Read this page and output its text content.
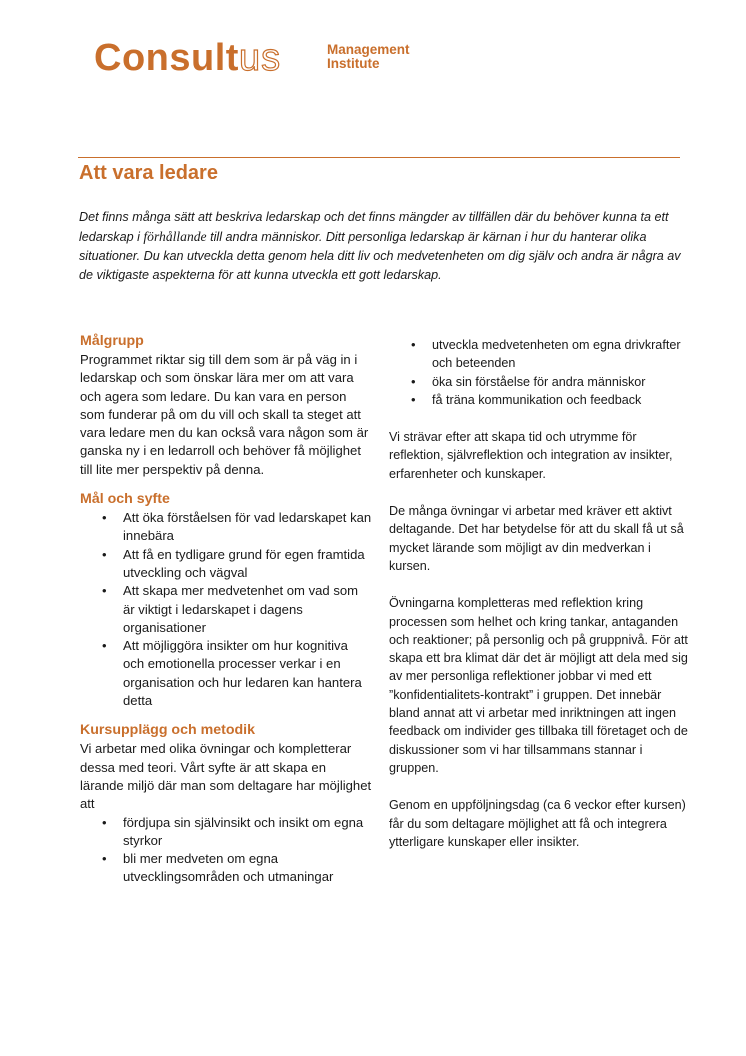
Consultus	Management
Institute
Att vara ledare

Det finns många sätt att beskriva ledarskap och det finns mängder av tillfällen där du behöver kunna ta ett ledarskap i förhållande till andra människor. Ditt personliga ledarskap är kärnan i hur du hanterar olika situationer. Du kan utveckla detta genom hela ditt liv och medvetenheten om dig själv och andra är några av de viktigaste aspekterna för att kunna utveckla ett gott ledarskap.

Målgrupp

Programmet riktar sig till dem som är på väg in i ledarskap och som önskar lära mer om att vara och agera som ledare. Du kan vara en person som funderar på om du vill och skall ta steget att vara ledare men du kan också vara någon som är ganska ny i en ledarroll och behöver få möjlighet till lite mer perspektiv på denna.

Mål och syfte
• Att öka förståelsen för vad ledarskapet kan innebära
• Att få en tydligare grund för egen framtida utveckling och vägval
• Att skapa mer medvetenhet om vad som är viktigt i ledarskapet i dagens organisationer
• Att möjliggöra insikter om hur kognitiva och emotionella processer verkar i en organisation och hur ledaren kan hantera detta
Kursupplägg och metodik

Vi arbetar med olika övningar och kompletterar dessa med teori. Vårt syfte är att skapa en lärande miljö där man som deltagare har möjlighet att

• fördjupa sin självinsikt och insikt om egna styrkor
• bli mer medveten om egna utvecklingsområden och utmaningar
• utveckla medvetenheten om egna drivkrafter och beteenden
• öka sin förståelse för andra människor
• få träna kommunikation och feedback

Vi strävar efter att skapa tid och utrymme för reflektion, självreflektion och integration av insikter, erfarenheter och kunskaper.

De många övningar vi arbetar med kräver ett aktivt deltagande. Det har betydelse för att du skall få ut så mycket lärande som möjligt av din medverkan i kursen.

Övningarna kompletteras med reflektion kring processen som helhet och kring tankar, antaganden och reaktioner; på personlig och på gruppnivå. För att skapa ett bra klimat där det är möjligt att dela med sig av mer personliga reflektioner jobbar vi med ett ”konfidentialitets-kontrakt” i gruppen. Det innebär bland annat att vi arbetar med inriktningen att ingen feedback om individer ges tillbaka till företaget och de diskussioner som vi har tillsammans stannar i gruppen.

Genom en uppföljningsdag (ca 6 veckor efter kursen) får du som deltagare möjlighet att få och integrera ytterligare kunskaper eller insikter.
